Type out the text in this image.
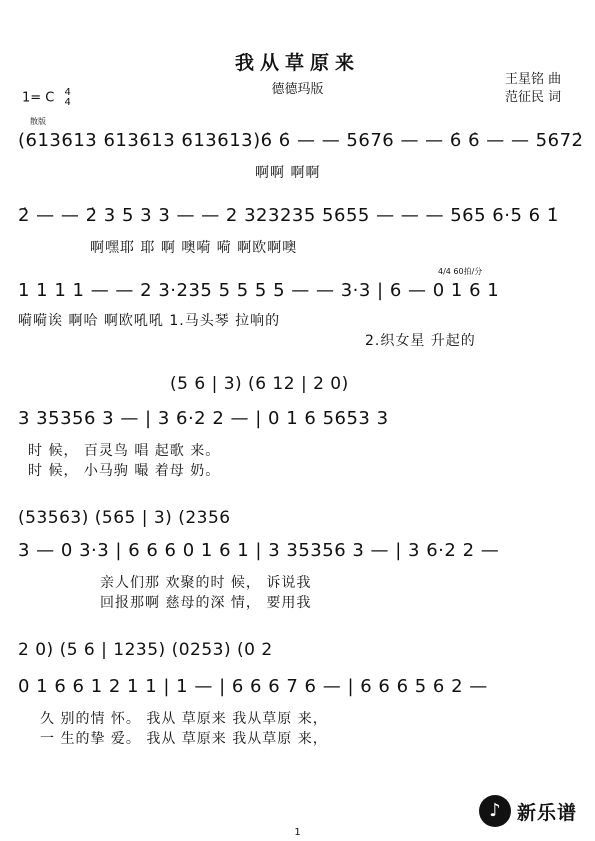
我从草原来
德德玛版
王星铭 曲
范征民 词
1= C 4
4
散版
(613613 613613 613613)6̇ 6̇ — — 5676 — — 6̇ 6̇ — — 5672̇
啊啊 啊啊
2̇ — — 2̇ 3 5 3 3 — — 2 323235 5655 — — — 565 6·5 6 1̇
啊嘿耶 耶 啊 噢嗬 嗬 啊欧啊噢
4/4 60拍/分
1 1 1 1 — — 2 3·235 5 5 5 5 — — 3·3 | 6 — 0 1 6 1
嗬嗬诶 啊哈 啊欧吼吼 1.马头琴 拉响的
2.织女星 升起的
(5 6 | 3) (6 12 | 2 0)
3 35356 3 — | 3 6·2 2 — | 0 1 6 5653 3
时 候， 百灵鸟 唱 起歌 来。
时 候， 小马驹 嘬 着母 奶。
(53563) (565 | 3) (2356
3 — 0 3·3 | 6 6 6 0 1 6 1 | 3 35356 3 — | 3 6·2 2 —
亲人们那 欢聚的时 候， 诉说我
回报那啊 慈母的深 情， 要用我
2 0) (5 6 | 1235) (0253) (0 2
0 1 6 6 1 2 1 1 | 1 — | 6 6 6 7 6 — | 6 6 6 5 6 2 —
久 别的情 怀。 我从 草原来 我从草原 来，
一 生的挚 爱。 我从 草原来 我从草原 来，
1
♪ 新乐谱
